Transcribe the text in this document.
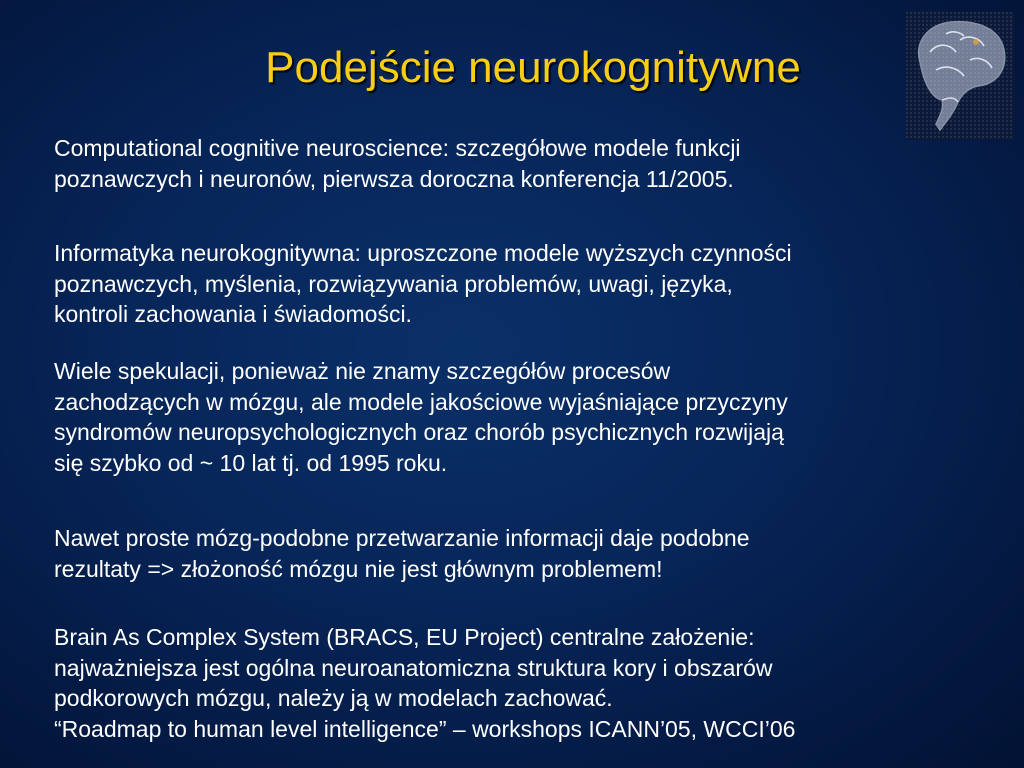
Podejście neurokognitywne
Computational cognitive neuroscience: szczegółowe modele funkcji
poznawczych i neuronów, pierwsza doroczna konferencja 11/2005.
Informatyka neurokognitywna: uproszczone modele wyższych czynności
poznawczych, myślenia, rozwiązywania problemów, uwagi, języka,
kontroli zachowania i świadomości.
Wiele spekulacji, ponieważ nie znamy szczegółów procesów
zachodzących w mózgu, ale modele jakościowe wyjaśniające przyczyny
syndromów neuropsychologicznych oraz chorób psychicznych rozwijają
się szybko od ~ 10 lat tj. od 1995 roku.
Nawet proste mózg-podobne przetwarzanie informacji daje podobne
rezultaty => złożoność mózgu nie jest głównym problemem!
Brain As Complex System (BRACS, EU Project) centralne założenie:
najważniejsza jest ogólna neuroanatomiczna struktura kory i obszarów
podkorowych mózgu, należy ją w modelach zachować.
“Roadmap to human level intelligence” – workshops ICANN’05, WCCI’06
